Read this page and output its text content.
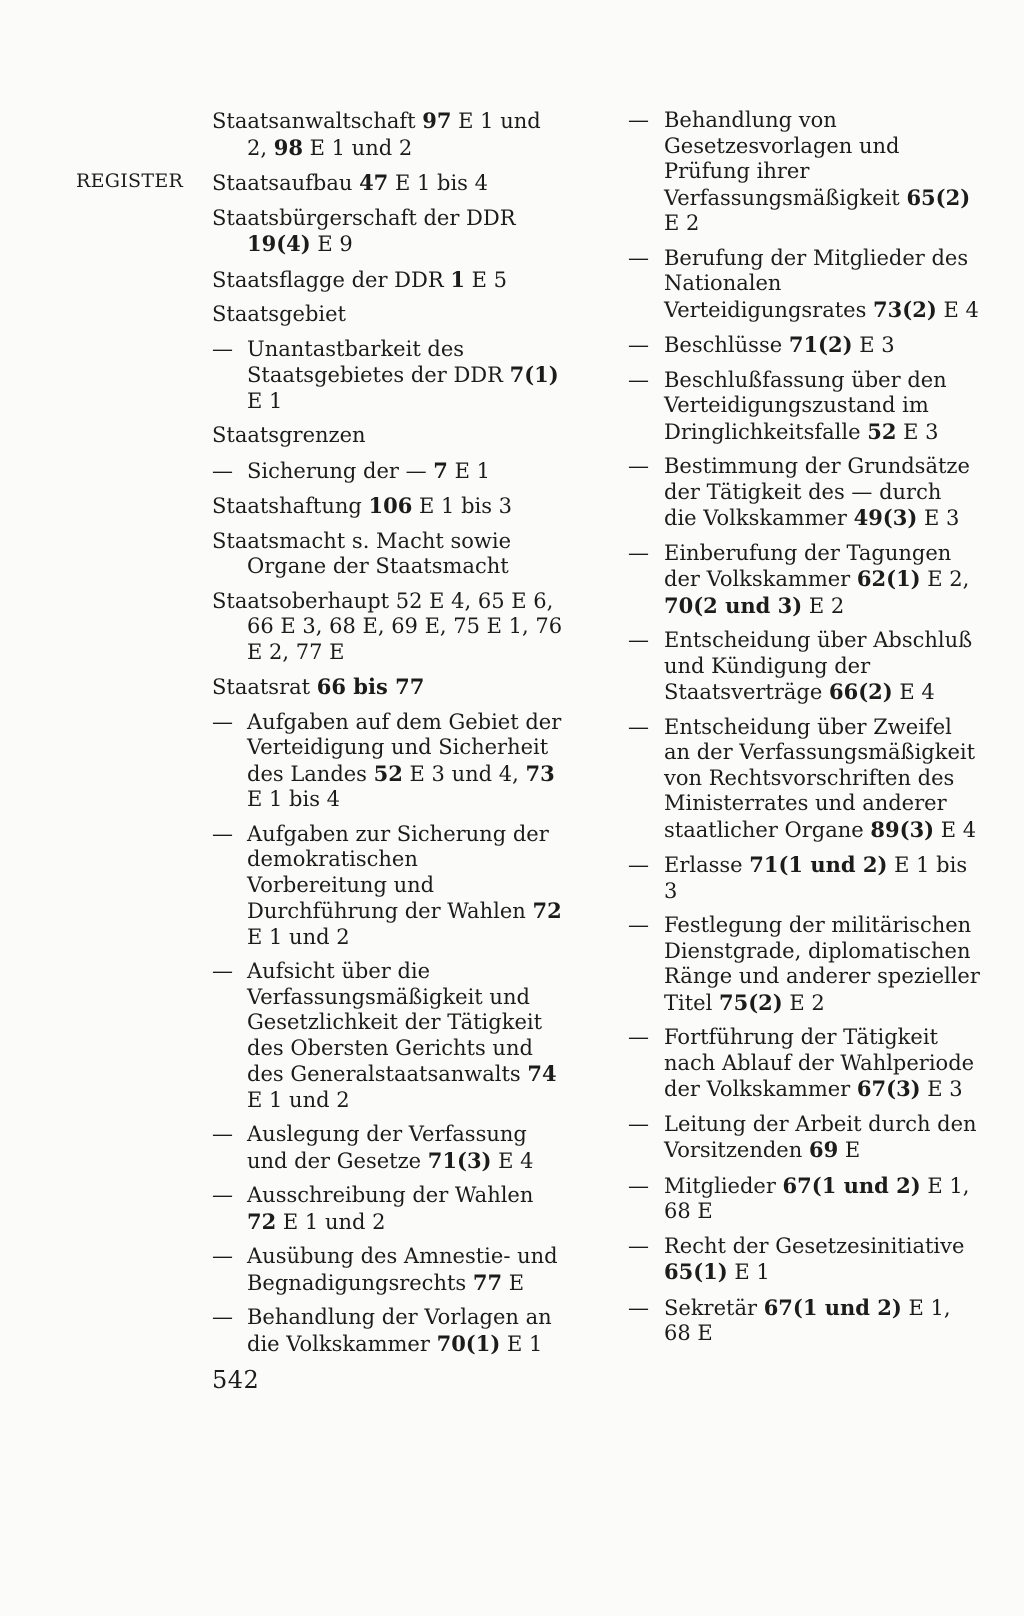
REGISTER
Staatsanwaltschaft 97 E 1 und 2, 98 E 1 und 2
Staatsaufbau 47 E 1 bis 4
Staatsbürgerschaft der DDR 19(4) E 9
Staatsflagge der DDR 1 E 5
Staatsgebiet
— Unantastbarkeit des Staatsgebietes der DDR 7(1) E 1
Staatsgrenzen
— Sicherung der — 7 E 1
Staatshaftung 106 E 1 bis 3
Staatsmacht s. Macht sowie Organe der Staatsmacht
Staatsoberhaupt 52 E 4, 65 E 6, 66 E 3, 68 E, 69 E, 75 E 1, 76 E 2, 77 E
Staatsrat 66 bis 77
— Aufgaben auf dem Gebiet der Verteidigung und Sicherheit des Landes 52 E 3 und 4, 73 E 1 bis 4
— Aufgaben zur Sicherung der demokratischen Vorbereitung und Durchführung der Wahlen 72 E 1 und 2
— Aufsicht über die Verfassungsmäßigkeit und Gesetzlichkeit der Tätigkeit des Obersten Gerichts und des Generalstaatsanwalts 74 E 1 und 2
— Auslegung der Verfassung und der Gesetze 71(3) E 4
— Ausschreibung der Wahlen 72 E 1 und 2
— Ausübung des Amnestie- und Begnadigungsrechts 77 E
— Behandlung der Vorlagen an die Volkskammer 70(1) E 1
— Behandlung von Gesetzesvorlagen und Prüfung ihrer Verfassungsmäßigkeit 65(2) E 2
— Berufung der Mitglieder des Nationalen Verteidigungsrates 73(2) E 4
— Beschlüsse 71(2) E 3
— Beschlußfassung über den Verteidigungszustand im Dringlichkeitsfalle 52 E 3
— Bestimmung der Grundsätze der Tätigkeit des — durch die Volkskammer 49(3) E 3
— Einberufung der Tagungen der Volkskammer 62(1) E 2, 70(2 und 3) E 2
— Entscheidung über Abschluß und Kündigung der Staatsverträge 66(2) E 4
— Entscheidung über Zweifel an der Verfassungsmäßigkeit von Rechtsvorschriften des Ministerrates und anderer staatlicher Organe 89(3) E 4
— Erlasse 71(1 und 2) E 1 bis 3
— Festlegung der militärischen Dienstgrade, diplomatischen Ränge und anderer spezieller Titel 75(2) E 2
— Fortführung der Tätigkeit nach Ablauf der Wahlperiode der Volkskammer 67(3) E 3
— Leitung der Arbeit durch den Vorsitzenden 69 E
— Mitglieder 67(1 und 2) E 1, 68 E
— Recht der Gesetzesinitiative 65(1) E 1
— Sekretär 67(1 und 2) E 1, 68 E
542
